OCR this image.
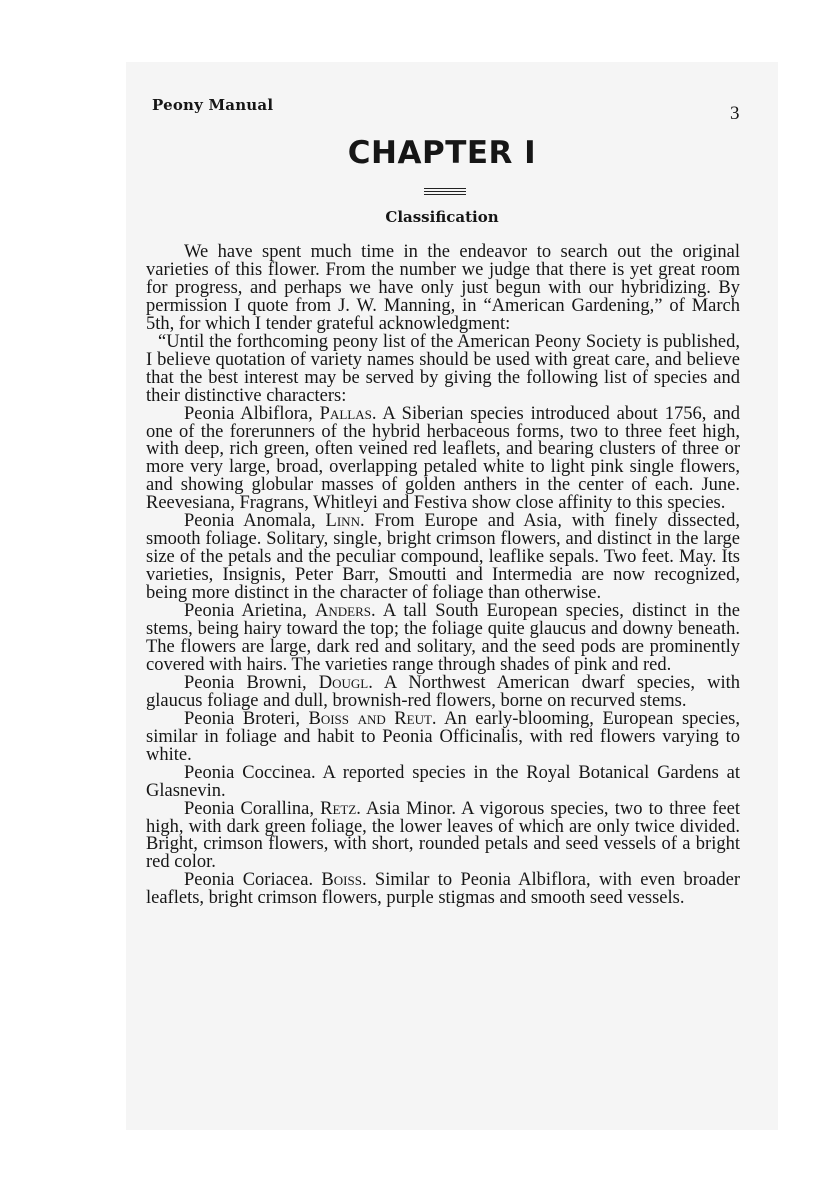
Peony Manual	3
CHAPTER I
Classification

We have spent much time in the endeavor to search out the original varieties of this flower. From the number we judge that there is yet great room for progress, and perhaps we have only just begun with our hybridizing. By permission I quote from J. W. Manning, in “American Gardening,” of March 5th, for which I tender grateful acknowledgment:

“Until the forthcoming peony list of the American Peony Society is published, I believe quotation of variety names should be used with great care, and believe that the best interest may be served by giving the following list of species and their distinctive characters:

Peonia Albiflora, Pallas. A Siberian species introduced about 1756, and one of the forerunners of the hybrid herbaceous forms, two to three feet high, with deep, rich green, often veined red leaflets, and bearing clusters of three or more very large, broad, overlapping petaled white to light pink single flowers, and showing globular masses of golden anthers in the center of each. June. Reevesiana, Fragrans, Whitleyi and Festiva show close affinity to this species.

Peonia Anomala, Linn. From Europe and Asia, with finely dissected, smooth foliage. Solitary, single, bright crimson flowers, and distinct in the large size of the petals and the peculiar compound, leaflike sepals. Two feet. May. Its varieties, Insignis, Peter Barr, Smoutti and Intermedia are now recognized, being more distinct in the character of foliage than otherwise.

Peonia Arietina, Anders. A tall South European species, distinct in the stems, being hairy toward the top; the foliage quite glaucus and downy beneath. The flowers are large, dark red and solitary, and the seed pods are prominently covered with hairs. The varieties range through shades of pink and red.

Peonia Browni, Dougl. A Northwest American dwarf species, with glaucus foliage and dull, brownish-red flowers, borne on recurved stems.

Peonia Broteri, Boiss and Reut. An early-blooming, European species, similar in foliage and habit to Peonia Officinalis, with red flowers varying to white.

Peonia Coccinea. A reported species in the Royal Botanical Gardens at Glasnevin.

Peonia Corallina, Retz. Asia Minor. A vigorous species, two to three feet high, with dark green foliage, the lower leaves of which are only twice divided. Bright, crimson flowers, with short, rounded petals and seed vessels of a bright red color.

Peonia Coriacea. Boiss. Similar to Peonia Albiflora, with even broader leaflets, bright crimson flowers, purple stigmas and smooth seed vessels.
